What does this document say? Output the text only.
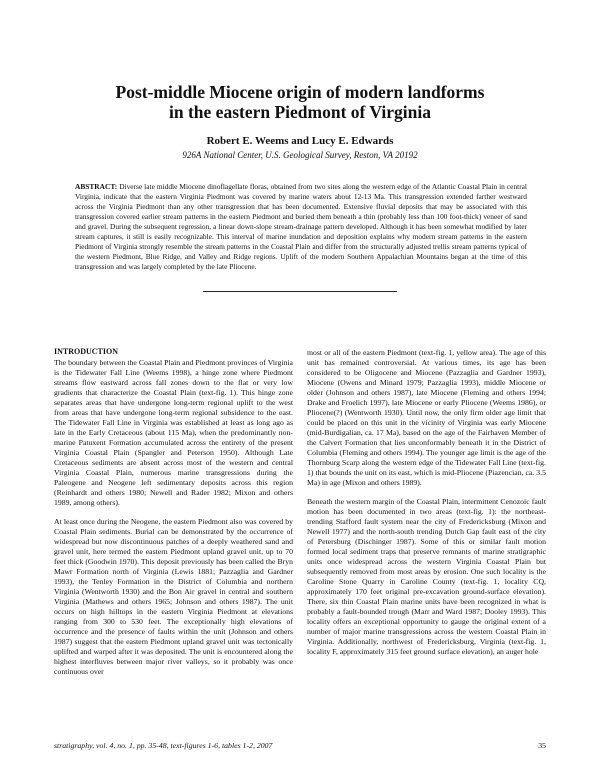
Post-middle Miocene origin of modern landforms
in the eastern Piedmont of Virginia
Robert E. Weems and Lucy E. Edwards
926A National Center, U.S. Geological Survey, Reston, VA 20192
ABSTRACT: Diverse late middle Miocene dinoflagellate floras, obtained from two sites along the western edge of the Atlantic Coastal Plain in central Virginia, indicate that the eastern Virginia Piedmont was covered by marine waters about 12-13 Ma. This transgression extended farther westward across the Virginia Piedmont than any other transgression that has been documented. Extensive fluvial deposits that may be associated with this transgression covered earlier stream patterns in the eastern Piedmont and buried them beneath a thin (probably less than 100 foot-thick) veneer of sand and gravel. During the subsequent regression, a linear down-slope stream-drainage pattern developed. Although it has been somewhat modified by later stream captures, it still is easily recognizable. This interval of marine inundation and deposition explains why modern stream patterns in the eastern Piedmont of Virginia strongly resemble the stream patterns in the Coastal Plain and differ from the structurally adjusted trellis stream patterns typical of the western Piedmont, Blue Ridge, and Valley and Ridge regions. Uplift of the modern Southern Appalachian Mountains began at the time of this transgression and was largely completed by the late Pliocene.

INTRODUCTION

The boundary between the Coastal Plain and Piedmont provinces of Virginia is the Tidewater Fall Line (Weems 1998), a hinge zone where Piedmont streams flow eastward across fall zones down to the flat or very low gradients that characterize the Coastal Plain (text-fig. 1). This hinge zone separates areas that have undergone long-term regional uplift to the west from areas that have undergone long-term regional subsidence to the east. The Tidewater Fall Line in Virginia was established at least as long ago as late in the Early Cretaceous (about 115 Ma), when the predominantly non-marine Patuxent Formation accumulated across the entirety of the present Virginia Coastal Plain (Spangler and Peterson 1950). Although Late Cretaceous sediments are absent across most of the western and central Virginia Coastal Plain, numerous marine transgressions during the Paleogene and Neogene left sedimentary deposits across this region (Reinhardt and others 1980; Newell and Rader 1982; Mixon and others 1989, among others).

At least once during the Neogene, the eastern Piedmont also was covered by Coastal Plain sediments. Burial can be demonstrated by the occurrence of widespread but now discontinuous patches of a deeply weathered sand and gravel unit, here termed the eastern Piedmont upland gravel unit, up to 70 feet thick (Goodwin 1970). This deposit previously has been called the Bryn Mawr Formation north of Virginia (Lewis 1881; Pazzaglia and Gardner 1993), the Tenley Formation in the District of Columbia and northern Virginia (Wentworth 1930) and the Bon Air gravel in central and southern Virginia (Mathews and others 1965; Johnson and others 1987). The unit occurs on high hilltops in the eastern Virginia Piedmont at elevations ranging from 300 to 530 feet. The exceptionally high elevations of occurrence and the presence of faults within the unit (Johnson and others 1987) suggest that the eastern Piedmont upland gravel unit was tectonically uplifted and warped after it was deposited. The unit is encountered along the highest interfluves between major river valleys, so it probably was once continuous over

most or all of the eastern Piedmont (text-fig. 1, yellow area). The age of this unit has remained controversial. At various times, its age has been considered to be Oligocene and Miocene (Pazzaglia and Gardner 1993), Miocene (Owens and Minard 1979; Pazzaglia 1993), middle Miocene or older (Johnson and others 1987), late Miocene (Fleming and others 1994; Drake and Froelich 1997), late Miocene or early Pliocene (Weems 1986), or Pliocene(?) (Wentworth 1930). Until now, the only firm older age limit that could be placed on this unit in the vicinity of Virginia was early Miocene (mid-Burdigalian, ca. 17 Ma), based on the age of the Fairhaven Member of the Calvert Formation that lies unconformably beneath it in the District of Columbia (Fleming and others 1994). The younger age limit is the age of the Thornburg Scarp along the western edge of the Tidewater Fall Line (text-fig. 1) that bounds the unit on its east, which is mid-Pliocene (Piazencian, ca. 3.5 Ma) in age (Mixon and others 1989).

Beneath the western margin of the Coastal Plain, intermittent Cenozoic fault motion has been documented in two areas (text-fig. 1): the northeast-trending Stafford fault system near the city of Fredericksburg (Mixon and Newell 1977) and the north-south trending Dutch Gap fault east of the city of Petersburg (Dischinger 1987). Some of this or similar fault motion formed local sediment traps that preserve remnants of marine stratigraphic units once widespread across the western Virginia Coastal Plain but subsequently removed from most areas by erosion. One such locality is the Caroline Stone Quarry in Caroline County (text-fig. 1, locality CQ, approximately 170 feet original pre-excavation ground-surface elevation). There, six thin Coastal Plain marine units have been recognized in what is probably a fault-bounded trough (Marr and Ward 1987; Dooley 1993). This locality offers an exceptional opportunity to gauge the original extent of a number of major marine transgressions across the western Coastal Plain in Virginia. Additionally, northwest of Fredericksburg, Virginia (text-fig. 1, locality F, approximately 315 feet ground surface elevation), an auger hole

stratigraphy, vol. 4, no. 1, pp. 35-48, text-figures 1-6, tables 1-2, 2007	35
